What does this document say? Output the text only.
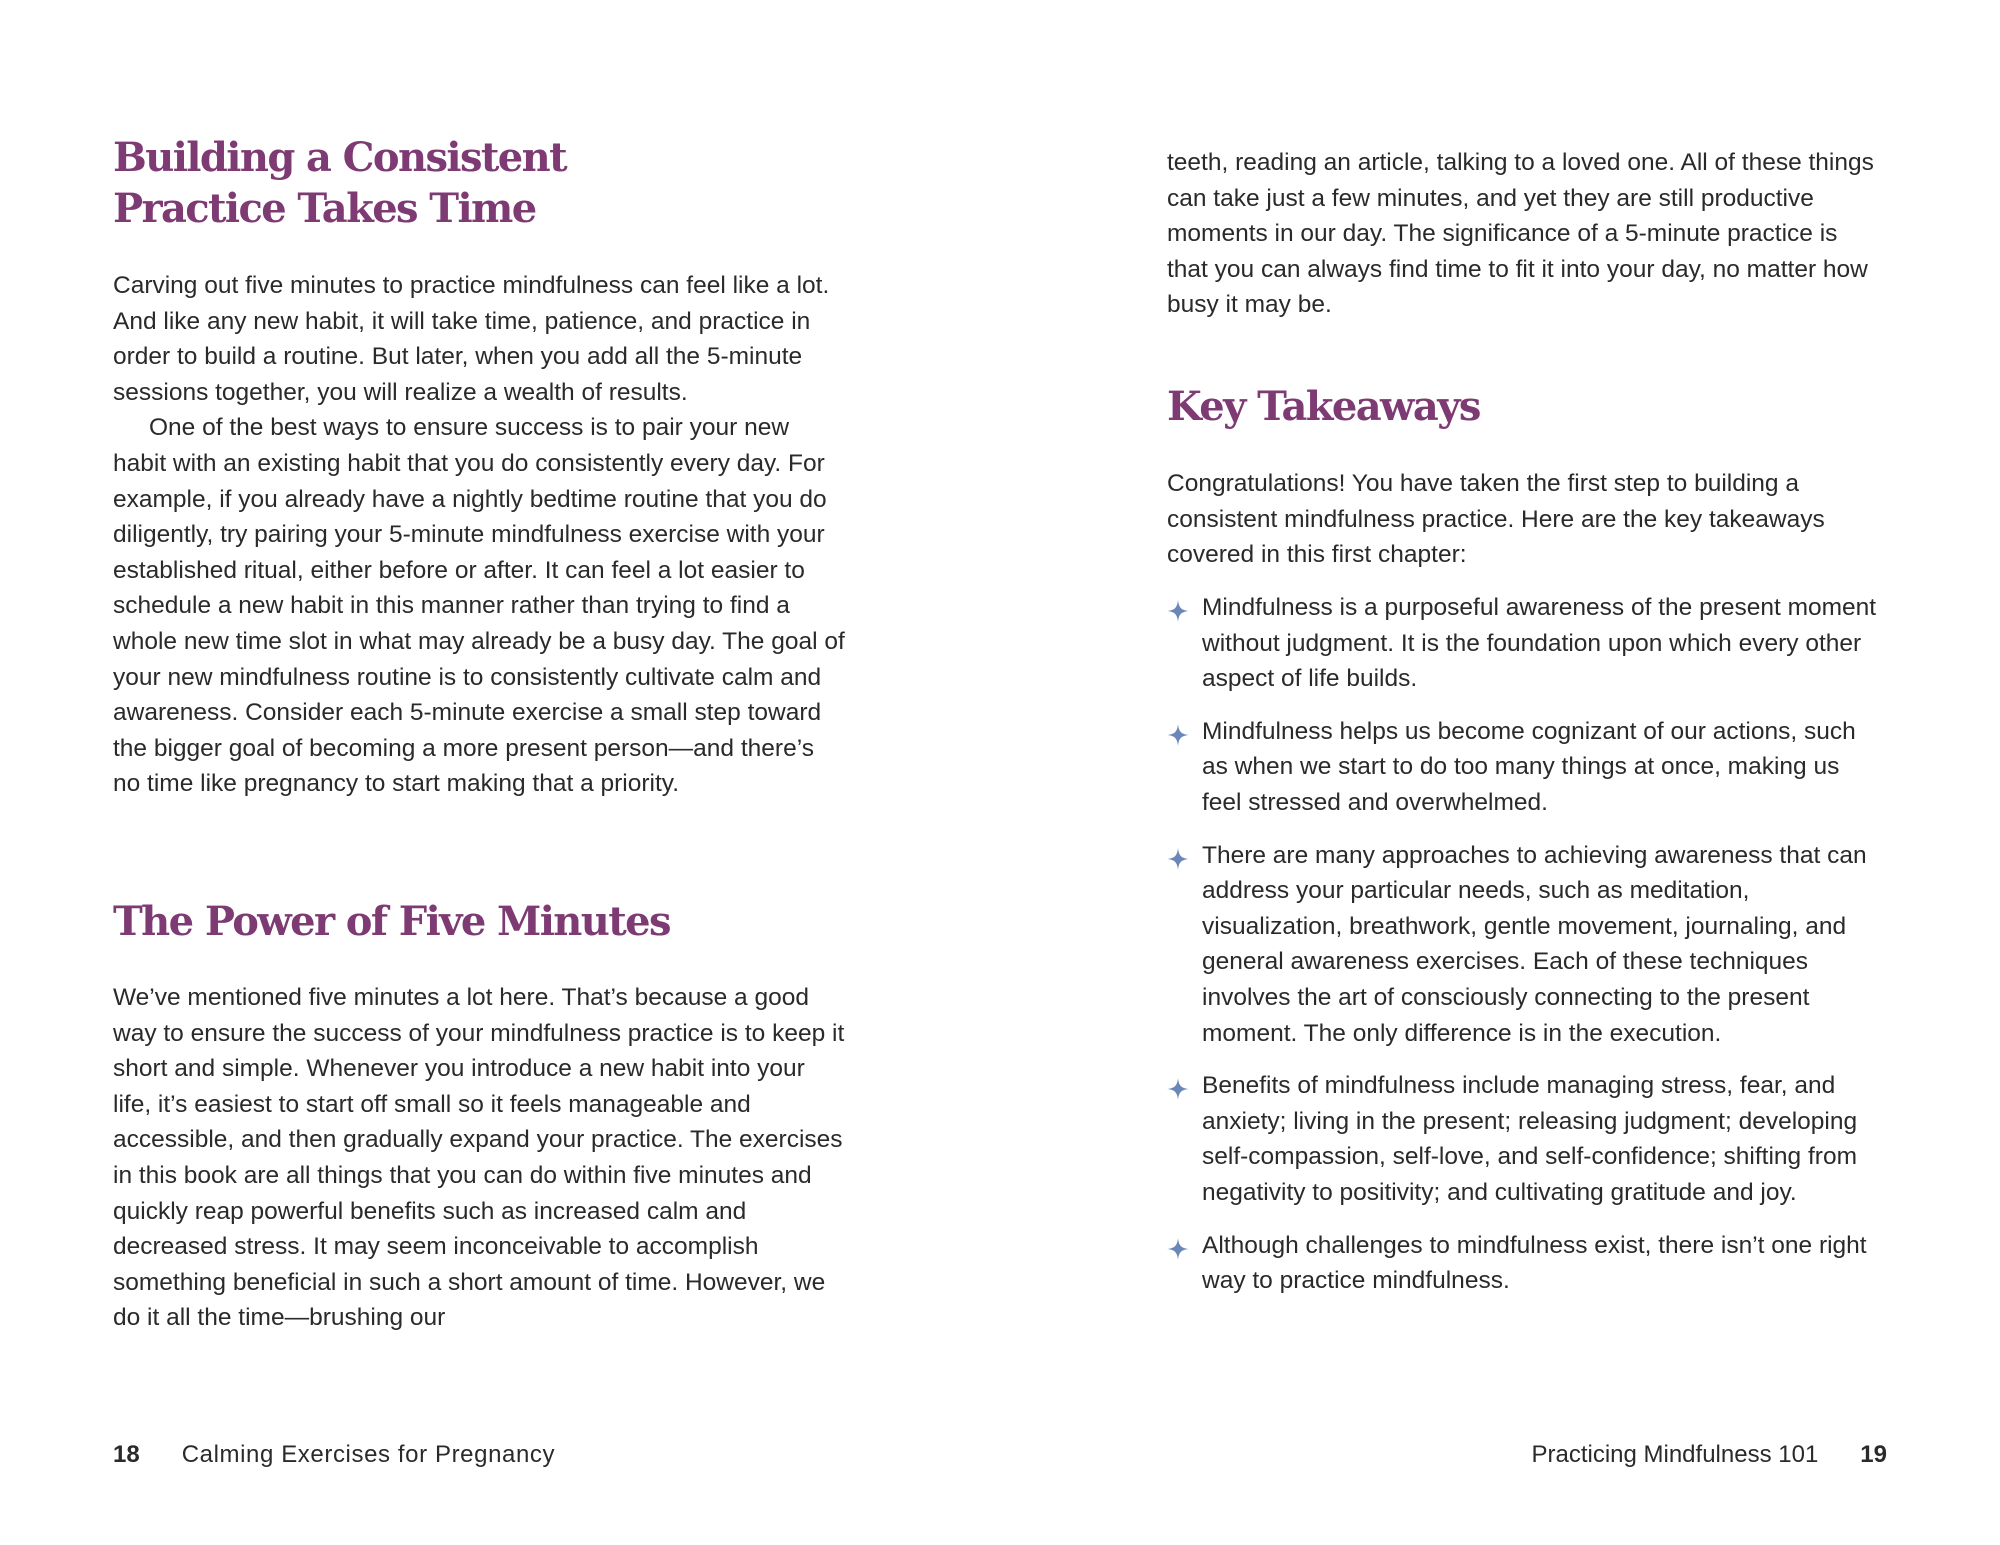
Building a Consistent
Practice Takes Time

Carving out five minutes to practice mindfulness can feel like a lot. And like any new habit, it will take time, patience, and practice in order to build a routine. But later, when you add all the 5-minute sessions together, you will realize a wealth of results.

One of the best ways to ensure success is to pair your new habit with an existing habit that you do consistently every day. For example, if you already have a nightly bedtime routine that you do diligently, try pairing your 5-minute mindfulness exercise with your established ritual, either before or after. It can feel a lot easier to schedule a new habit in this manner rather than trying to find a whole new time slot in what may already be a busy day. The goal of your new mindfulness routine is to consistently cultivate calm and awareness. Consider each 5-minute exercise a small step toward the bigger goal of becoming a more present person—and there’s no time like pregnancy to start making that a priority.

The Power of Five Minutes

We’ve mentioned five minutes a lot here. That’s because a good way to ensure the success of your mindfulness practice is to keep it short and simple. Whenever you introduce a new habit into your life, it’s easiest to start off small so it feels manageable and accessible, and then gradually expand your practice. The exercises in this book are all things that you can do within five minutes and quickly reap powerful benefits such as increased calm and decreased stress. It may seem inconceivable to accomplish something beneficial in such a short amount of time. However, we do it all the time—brushing our

teeth, reading an article, talking to a loved one. All of these things can take just a few minutes, and yet they are still productive moments in our day. The significance of a 5-minute practice is that you can always find time to fit it into your day, no matter how busy it may be.

Key Takeaways

Congratulations! You have taken the first step to building a consistent mindfulness practice. Here are the key takeaways covered in this first chapter:

Mindfulness is a purposeful awareness of the present moment without judgment. It is the foundation upon which every other aspect of life builds.
Mindfulness helps us become cognizant of our actions, such as when we start to do too many things at once, making us feel stressed and overwhelmed.
There are many approaches to achieving awareness that can address your particular needs, such as meditation, visualization, breathwork, gentle movement, journaling, and general awareness exercises. Each of these techniques involves the art of consciously connecting to the present moment. The only difference is in the execution.
Benefits of mindfulness include managing stress, fear, and anxiety; living in the present; releasing judgment; developing self-compassion, self-love, and self-confidence; shifting from negativity to positivity; and cultivating gratitude and joy.
Although challenges to mindfulness exist, there isn’t one right way to practice mindfulness.
18 Calming Exercises for Pregnancy	Practicing Mindfulness 101 19
